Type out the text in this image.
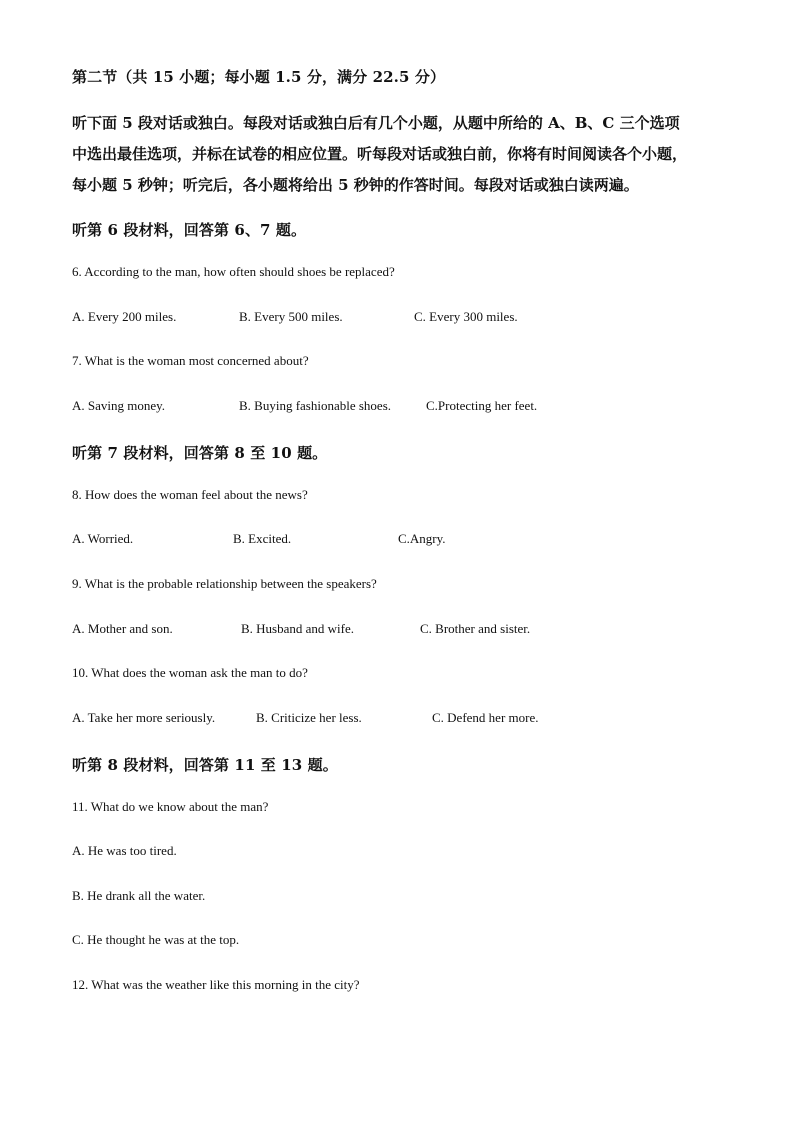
第二节（共 15 小题；每小题 1.5 分，满分 22.5 分）
听下面 5 段对话或独白。每段对话或独白后有几个小题，从题中所给的 A、B、C 三个选项
中选出最佳选项，并标在试卷的相应位置。听每段对话或独白前，你将有时间阅读各个小题，
每小题 5 秒钟；听完后，各小题将给出 5 秒钟的作答时间。每段对话或独白读两遍。
听第 6 段材料，回答第 6、7 题。
6. According to the man, how often should shoes be replaced?
A. Every 200 miles.	B. Every 500 miles.	C. Every 300 miles.
7. What is the woman most concerned about?
A. Saving money.	B. Buying fashionable shoes.	C.Protecting her feet.
听第 7 段材料，回答第 8 至 10 题。
8. How does the woman feel about the news?
A. Worried.	B. Excited.	C.Angry.
9. What is the probable relationship between the speakers?
A. Mother and son.	B. Husband and wife.	C. Brother and sister.
10. What does the woman ask the man to do?
A. Take her more seriously.	B. Criticize her less.	C. Defend her more.
听第 8 段材料，回答第 11 至 13 题。
11. What do we know about the man?
A. He was too tired.
B. He drank all the water.
C. He thought he was at the top.
12. What was the weather like this morning in the city?
